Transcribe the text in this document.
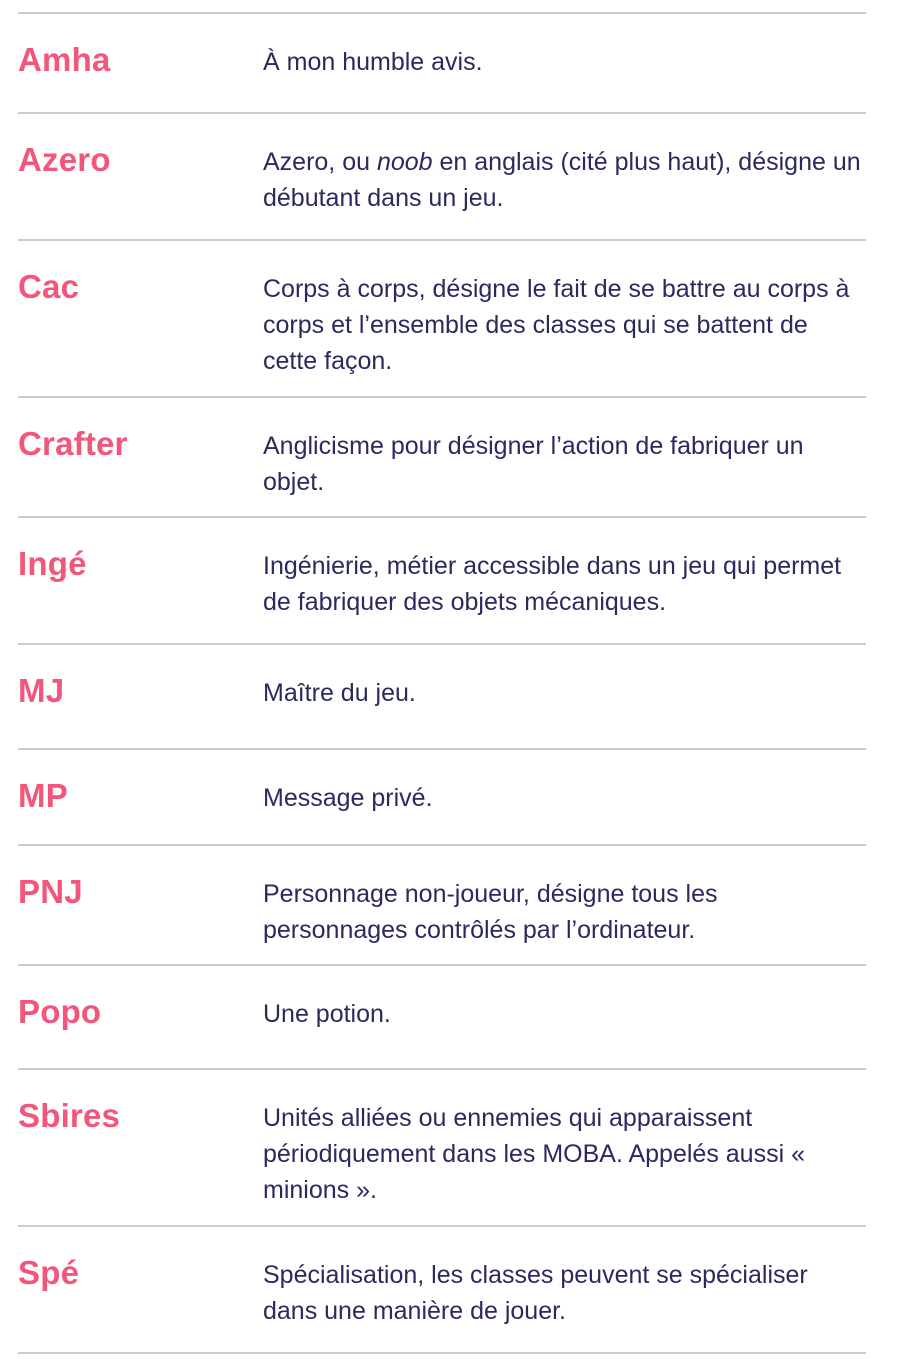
Amha	À mon humble avis.
Azero	Azero, ou noob en anglais (cité plus haut), désigne un débutant dans un jeu.
Cac	Corps à corps, désigne le fait de se battre au corps à corps et l’ensemble des classes qui se battent de cette façon.
Crafter	Anglicisme pour désigner l’action de fabriquer un objet.
Ingé	Ingénierie, métier accessible dans un jeu qui permet de fabriquer des objets mécaniques.
MJ	Maître du jeu.
MP	Message privé.
PNJ	Personnage non-joueur, désigne tous les personnages contrôlés par l’ordinateur.
Popo	Une potion.
Sbires	Unités alliées ou ennemies qui apparaissent périodiquement dans les MOBA. Appelés aussi « minions ».
Spé	Spécialisation, les classes peuvent se spécialiser dans une manière de jouer.
